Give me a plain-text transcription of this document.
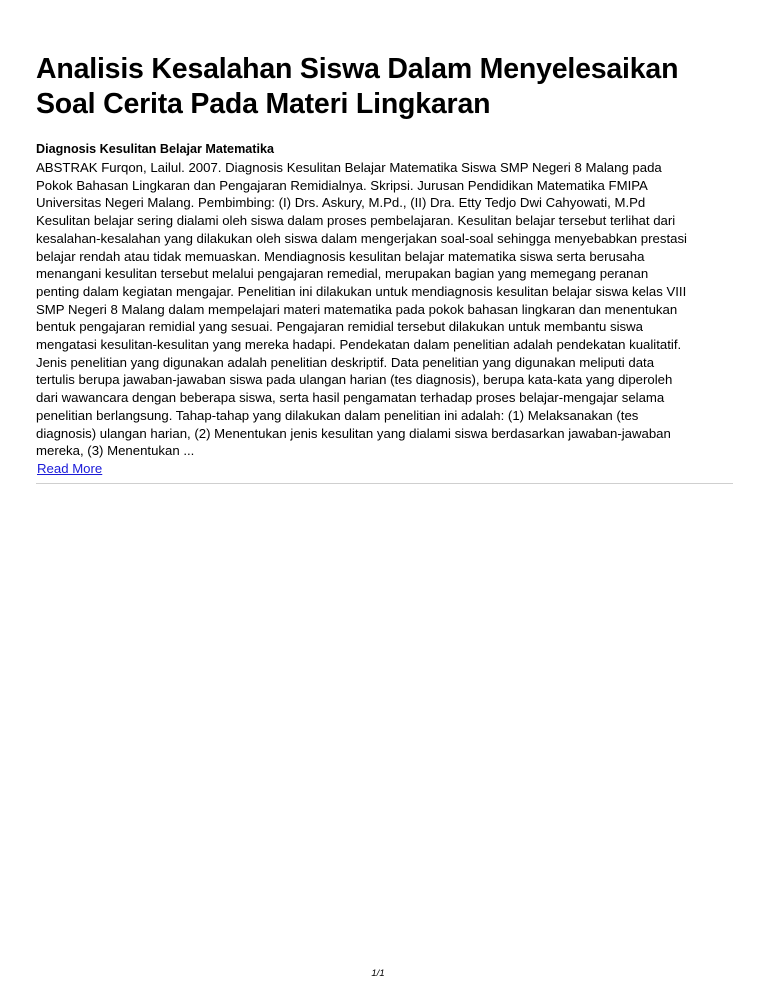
Analisis Kesalahan Siswa Dalam Menyelesaikan
Soal Cerita Pada Materi Lingkaran
Diagnosis Kesulitan Belajar Matematika

ABSTRAK Furqon, Lailul. 2007. Diagnosis Kesulitan Belajar Matematika Siswa SMP Negeri 8 Malang pada
Pokok Bahasan Lingkaran dan Pengajaran Remidialnya. Skripsi. Jurusan Pendidikan Matematika FMIPA
Universitas Negeri Malang. Pembimbing: (I) Drs. Askury, M.Pd., (II) Dra. Etty Tedjo Dwi Cahyowati, M.Pd
Kesulitan belajar sering dialami oleh siswa dalam proses pembelajaran. Kesulitan belajar tersebut terlihat dari
kesalahan-kesalahan yang dilakukan oleh siswa dalam mengerjakan soal-soal sehingga menyebabkan prestasi
belajar rendah atau tidak memuaskan. Mendiagnosis kesulitan belajar matematika siswa serta berusaha
menangani kesulitan tersebut melalui pengajaran remedial, merupakan bagian yang memegang peranan
penting dalam kegiatan mengajar. Penelitian ini dilakukan untuk mendiagnosis kesulitan belajar siswa kelas VIII
SMP Negeri 8 Malang dalam mempelajari materi matematika pada pokok bahasan lingkaran dan menentukan
bentuk pengajaran remidial yang sesuai. Pengajaran remidial tersebut dilakukan untuk membantu siswa
mengatasi kesulitan-kesulitan yang mereka hadapi. Pendekatan dalam penelitian adalah pendekatan kualitatif.
Jenis penelitian yang digunakan adalah penelitian deskriptif. Data penelitian yang digunakan meliputi data
tertulis berupa jawaban-jawaban siswa pada ulangan harian (tes diagnosis), berupa kata-kata yang diperoleh
dari wawancara dengan beberapa siswa, serta hasil pengamatan terhadap proses belajar-mengajar selama
penelitian berlangsung. Tahap-tahap yang dilakukan dalam penelitian ini adalah: (1) Melaksanakan (tes
diagnosis) ulangan harian, (2) Menentukan jenis kesulitan yang dialami siswa berdasarkan jawaban-jawaban
mereka, (3) Menentukan ...

Read More
1/1
